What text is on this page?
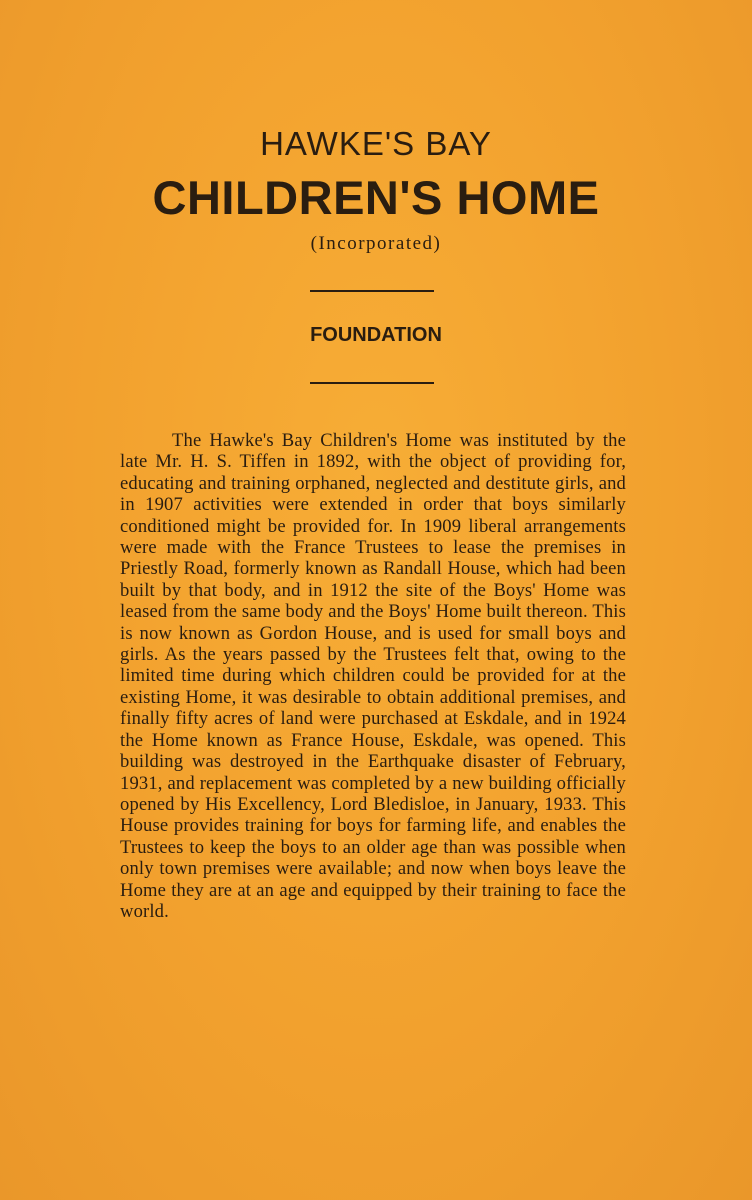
HAWKE'S BAY
CHILDREN'S HOME
(Incorporated)
FOUNDATION

The Hawke's Bay Children's Home was instituted by the late Mr. H. S. Tiffen in 1892, with the object of providing for, educating and training orphaned, neglected and destitute girls, and in 1907 activities were extended in order that boys similarly conditioned might be provided for. In 1909 liberal arrangements were made with the France Trustees to lease the premises in Priestly Road, formerly known as Randall House, which had been built by that body, and in 1912 the site of the Boys' Home was leased from the same body and the Boys' Home built thereon. This is now known as Gordon House, and is used for small boys and girls. As the years passed by the Trustees felt that, owing to the limited time during which children could be provided for at the existing Home, it was desirable to obtain additional premises, and finally fifty acres of land were purchased at Eskdale, and in 1924 the Home known as France House, Eskdale, was opened. This building was destroyed in the Earthquake disaster of February, 1931, and replacement was completed by a new building officially opened by His Excellency, Lord Bledisloe, in January, 1933. This House provides training for boys for farming life, and enables the Trustees to keep the boys to an older age than was possible when only town premises were available; and now when boys leave the Home they are at an age and equipped by their training to face the world.
